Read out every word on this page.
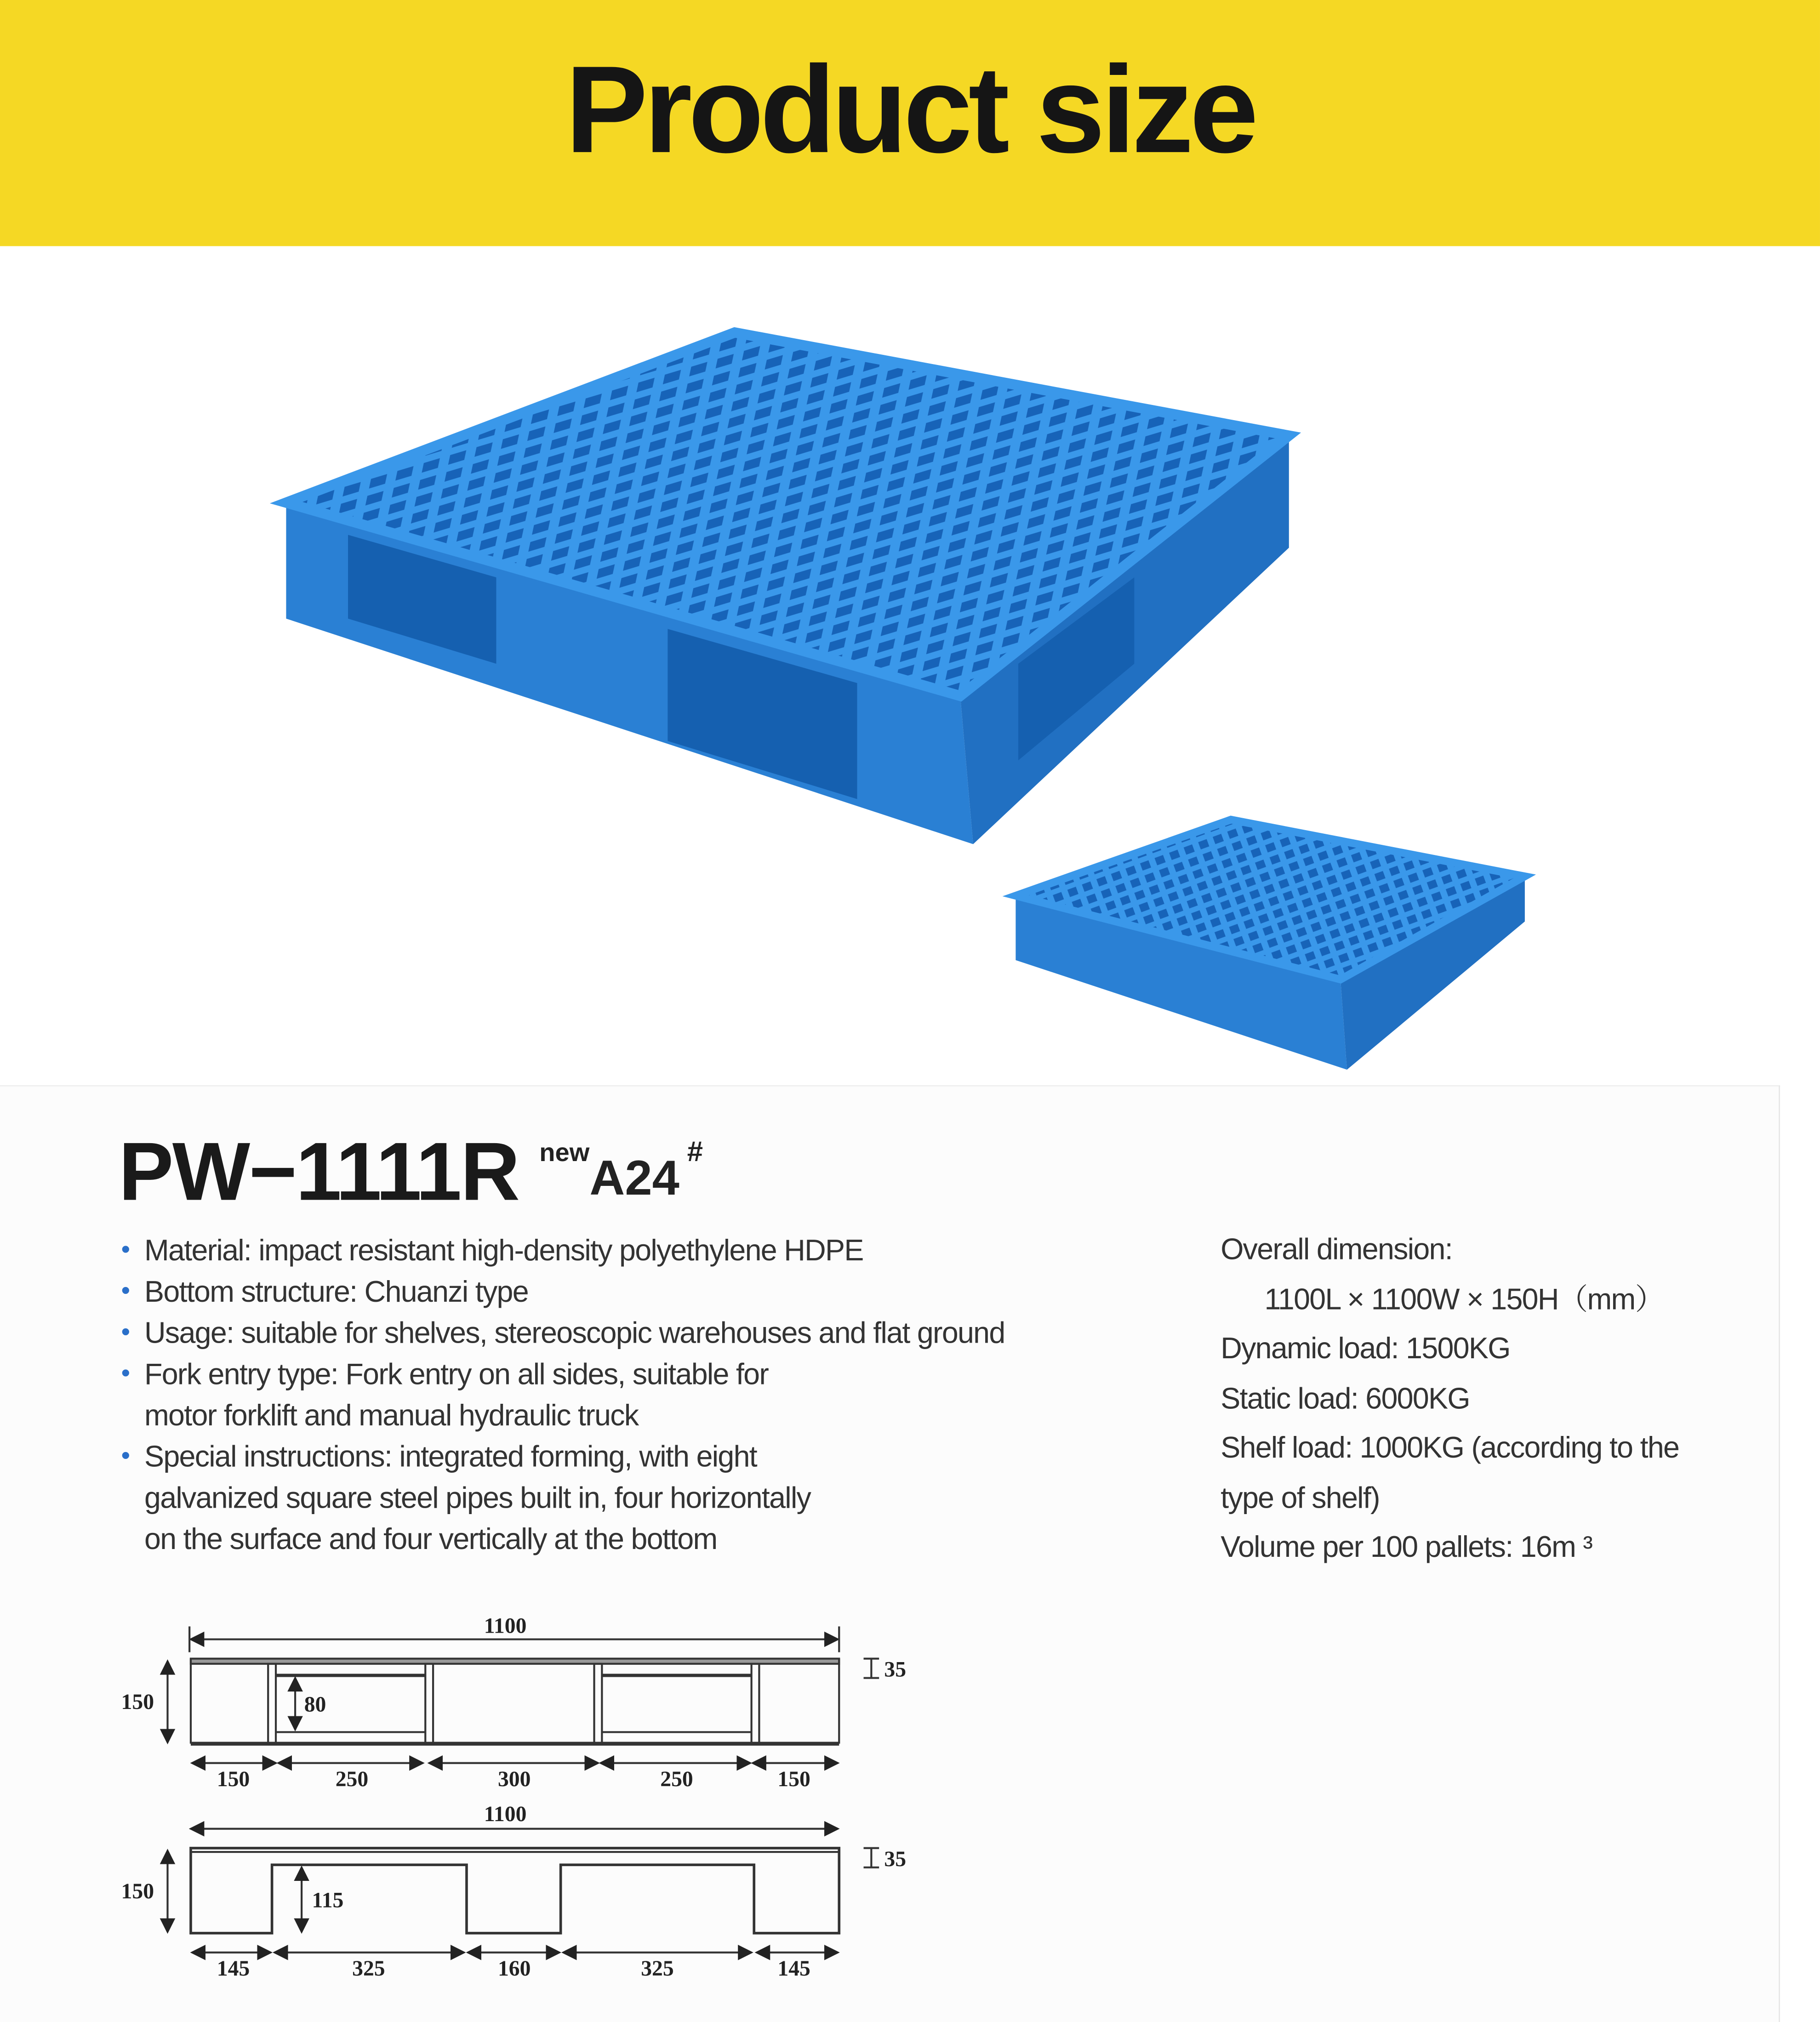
Product size
PW−1111R newA24#
• Material: impact resistant high-density polyethylene HDPE
• Bottom structure: Chuanzi type
• Usage: suitable for shelves, stereoscopic warehouses and flat ground
• Fork entry type: Fork entry on all sides, suitable for
motor forklift and manual hydraulic truck
• Special instructions: integrated forming, with eight
galvanized square steel pipes built in, four horizontally
on the surface and four vertically at the bottom
Overall dimension:
1100L × 1100W × 150H（mm）
Dynamic load: 1500KG
Static load: 6000KG
Shelf load: 1000KG (according to the
type of shelf)
Volume per 100 pallets: 16m ³
1100
150	80
35
150	250	300	250	150
1100
150	115
35
145	325	160	325	145
